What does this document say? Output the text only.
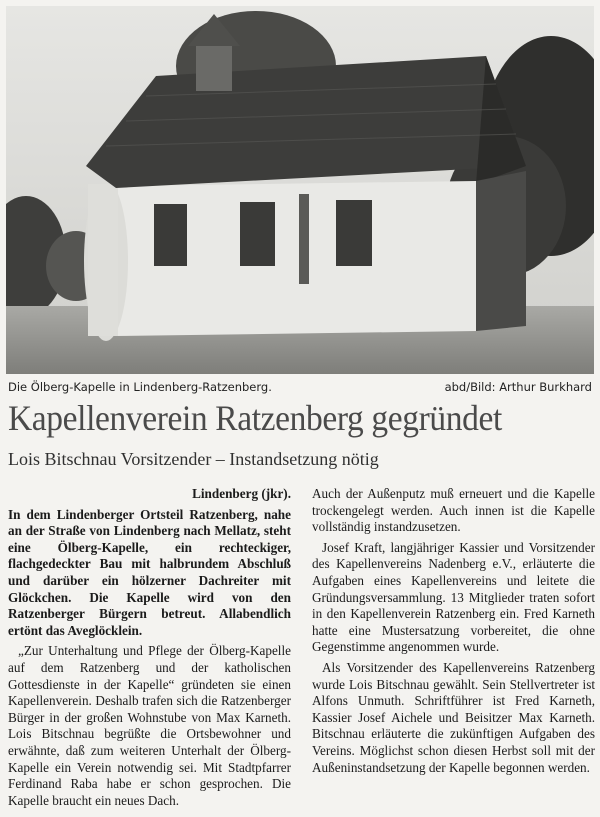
Die Ölberg-Kapelle in Lindenberg-Ratzenberg.	abd/Bild: Arthur Burkhard
Kapellenverein Ratzenberg gegründet
Lois Bitschnau Vorsitzender – Instandsetzung nötig

Lindenberg (jkr).

In dem Lindenberger Ortsteil Ratzenberg, nahe an der Straße von Lindenberg nach Mellatz, steht eine Ölberg-Kapelle, ein rechteckiger, flachgedeckter Bau mit halbrundem Abschluß und darüber ein hölzerner Dachreiter mit Glöckchen. Die Kapelle wird von den Ratzenberger Bürgern betreut. Allabendlich ertönt das Aveglöcklein.

„Zur Unterhaltung und Pflege der Ölberg-Kapelle auf dem Ratzenberg und der katholischen Gottesdienste in der Kapelle“ gründeten sie einen Kapellenverein. Deshalb trafen sich die Ratzenberger Bürger in der großen Wohnstube von Max Karneth. Lois Bitschnau begrüßte die Ortsbewohner und erwähnte, daß zum weiteren Unterhalt der Ölberg-Kapelle ein Verein notwendig sei. Mit Stadtpfarrer Ferdinand Raba habe er schon gesprochen. Die Kapelle braucht ein neues Dach.

Auch der Außenputz muß erneuert und die Kapelle trockengelegt werden. Auch innen ist die Kapelle vollständig instandzusetzen.

Josef Kraft, langjähriger Kassier und Vorsitzender des Kapellenvereins Nadenberg e.V., erläuterte die Aufgaben eines Kapellenvereins und leitete die Gründungsversammlung. 13 Mitglieder traten sofort in den Kapellenverein Ratzenberg ein. Fred Karneth hatte eine Mustersatzung vorbereitet, die ohne Gegenstimme angenommen wurde.

Als Vorsitzender des Kapellenvereins Ratzenberg wurde Lois Bitschnau gewählt. Sein Stellvertreter ist Alfons Unmuth. Schriftführer ist Fred Karneth, Kassier Josef Aichele und Beisitzer Max Karneth. Bitschnau erläuterte die zukünftigen Aufgaben des Vereins. Möglichst schon diesen Herbst soll mit der Außeninstandsetzung der Kapelle begonnen werden.
